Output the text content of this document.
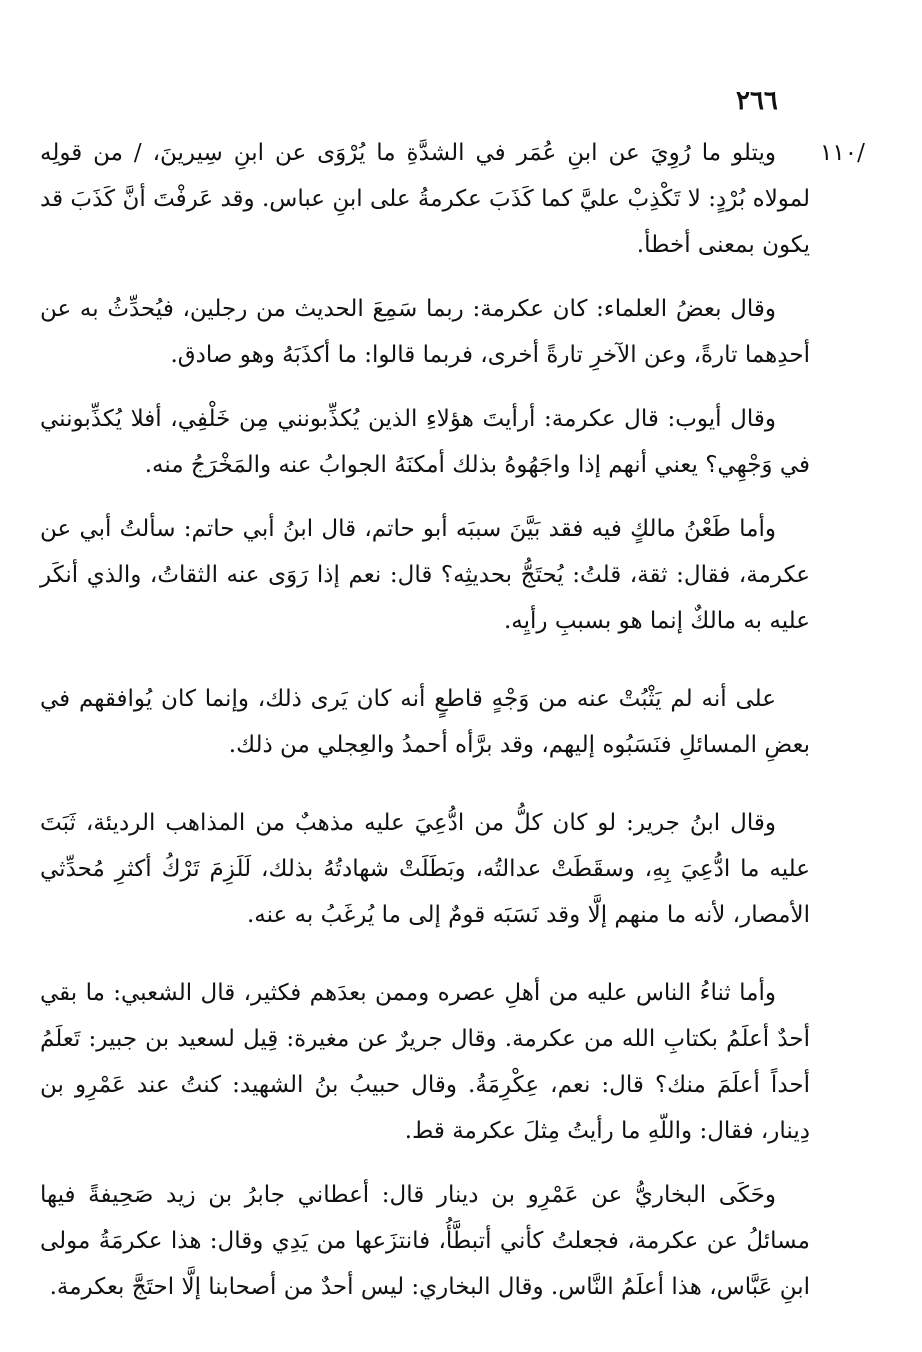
٢٦٦
/١١٠

ويتلو ما رُوِيَ عن ابنِ عُمَر في الشدَّةِ ما يُرْوَى عن ابنِ سِيرينَ، / من قولِه لمولاه بُرْدٍ: لا تَكْذِبْ عليَّ كما كَذَبَ عكرمةُ على ابنِ عباس. وقد عَرفْتَ أنَّ كَذَبَ قد يكون بمعنى أخطأ.

وقال بعضُ العلماء: كان عكرمة: ربما سَمِعَ الحديث من رجلين، فيُحدِّثُ به عن أحدِهما تارةً، وعن الآخرِ تارةً أخرى، فربما قالوا: ما أكذَبَهُ وهو صادق.

وقال أيوب: قال عكرمة: أرأيتَ هؤلاءِ الذين يُكذِّبونني مِن خَلْفِي، أفلا يُكذِّبونني في وَجْهِي؟ يعني أنهم إذا واجَهُوهُ بذلك أمكنَهُ الجوابُ عنه والمَخْرَجُ منه.

وأما طَعْنُ مالكٍ فيه فقد بَيَّنَ سببَه أبو حاتم، قال ابنُ أبي حاتم: سألتُ أبي عن عكرمة، فقال: ثقة، قلتُ: يُحتَجُّ بحديثِه؟ قال: نعم إذا رَوَى عنه الثقاتُ، والذي أنكَر عليه به مالكٌ إنما هو بسببِ رأيِه.

على أنه لم يَثْبُتْ عنه من وَجْهٍ قاطعٍ أنه كان يَرى ذلك، وإنما كان يُوافقهم في بعضِ المسائلِ فنَسَبُوه إليهم، وقد برَّأه أحمدُ والعِجلي من ذلك.

وقال ابنُ جرير: لو كان كلُّ من ادُّعِيَ عليه مذهبٌ من المذاهب الرديئة، ثَبَتَ عليه ما ادُّعِيَ بِهِ، وسقَطَتْ عدالتُه، وبَطَلَتْ شهادتُهُ بذلك، لَلَزِمَ تَرْكُ أكثرِ مُحدِّثي الأمصار، لأنه ما منهم إلَّا وقد نَسَبَه قومٌ إلى ما يُرغَبُ به عنه.

وأما ثناءُ الناس عليه من أهلِ عصره وممن بعدَهم فكثير، قال الشعبي: ما بقي أحدٌ أعلَمُ بكتابِ الله من عكرمة. وقال جريرٌ عن مغيرة: قِيل لسعيد بن جبير: تَعلَمُ أحداً أعلَمَ منك؟ قال: نعم، عِكْرِمَةُ. وقال حبيبُ بنُ الشهيد: كنتُ عند عَمْرِو بن دِينار، فقال: واللّهِ ما رأيتُ مِثلَ عكرمة قط.

وحَكَى البخاريُّ عن عَمْرِو بن دينار قال: أعطاني جابرُ بن زيد صَحِيفةً فيها مسائلُ عن عكرمة، فجعلتُ كأني أتبطَّأُ، فانتزَعها من يَدِي وقال: هذا عكرمَةُ مولى ابنِ عَبَّاس، هذا أعلَمُ النَّاس. وقال البخاري: ليس أحدٌ من أصحابنا إلَّا احتَجَّ بعكرمة.
